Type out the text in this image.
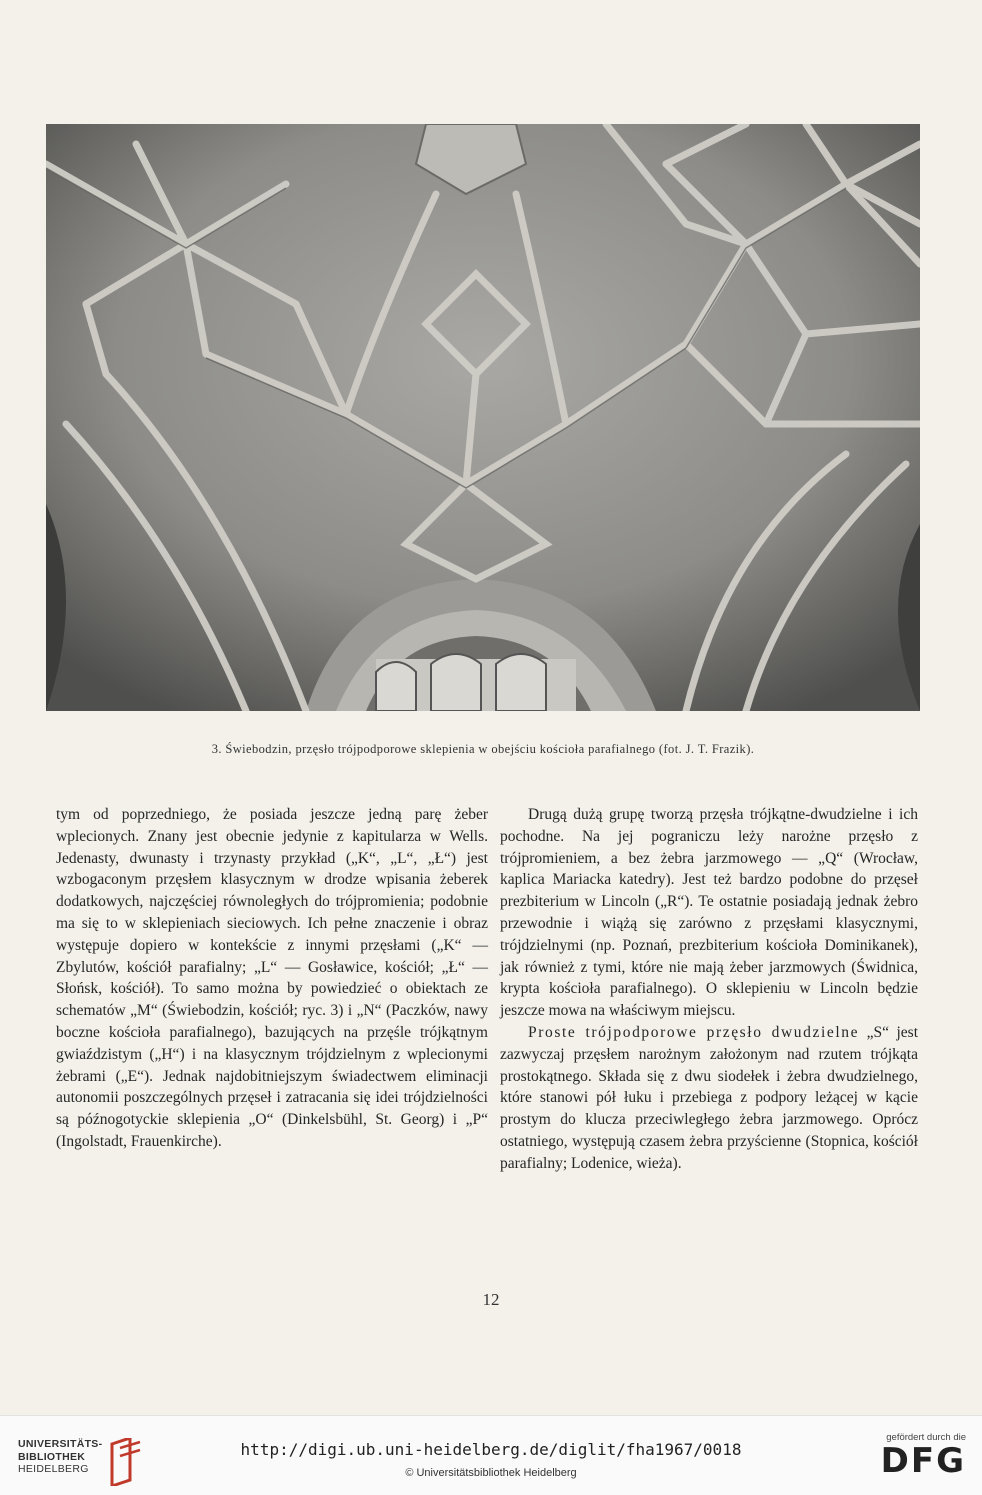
3. Świebodzin, przęsło trójpodporowe sklepienia w obejściu kościoła parafialnego (fot. J. T. Frazik).

tym od poprzedniego, że posiada jeszcze jedną parę żeber wplecionych. Znany jest obecnie jedynie z kapitularza w Wells. Jedenasty, dwunasty i trzynasty przykład („K“, „L“, „Ł“) jest wzbogaconym przęsłem klasycznym w drodze wpisania żeberek dodatkowych, najczęściej równoległych do trójpromienia; podobnie ma się to w sklepieniach sieciowych. Ich pełne znaczenie i obraz występuje dopiero w kontekście z innymi przęsłami („K“ — Zbylutów, kościół parafialny; „L“ — Gosławice, kościół; „Ł“ — Słońsk, kościół). To samo można by powiedzieć o obiektach ze schematów „M“ (Świebodzin, kościół; ryc. 3) i „N“ (Paczków, nawy boczne kościoła parafialnego), bazujących na przęśle trójkątnym gwiaździstym („H“) i na klasycznym trójdzielnym z wplecionymi żebrami („E“). Jednak najdobitniejszym świadectwem eliminacji autonomii poszczególnych przęseł i zatracania się idei trójdzielności są późnogotyckie sklepienia „O“ (Dinkelsbühl, St. Georg) i „P“ (Ingolstadt, Frauenkirche).

Drugą dużą grupę tworzą przęsła trójkątne-dwudzielne i ich pochodne. Na jej pograniczu leży narożne przęsło z trójpromieniem, a bez żebra jarzmowego — „Q“ (Wrocław, kaplica Mariacka katedry). Jest też bardzo podobne do przęseł prezbiterium w Lincoln („R“). Te ostatnie posiadają jednak żebro przewodnie i wiążą się zarówno z przęsłami klasycznymi, trójdzielnymi (np. Poznań, prezbiterium kościoła Dominikanek), jak również z tymi, które nie mają żeber jarzmowych (Świdnica, krypta kościoła parafialnego). O sklepieniu w Lincoln będzie jeszcze mowa na właściwym miejscu.

Proste trójpodporowe przęsło dwudzielne „S“ jest zazwyczaj przęsłem narożnym założonym nad rzutem trójkąta prostokątnego. Składa się z dwu siodełek i żebra dwudzielnego, które stanowi pół łuku i przebiega z podpory leżącej w kącie prostym do klucza przeciwległego żebra jarzmowego. Oprócz ostatniego, występują czasem żebra przyścienne (Stopnica, kościół parafialny; Lodenice, wieża).

12
UNIVERSITÄTS-
BIBLIOTHEK
HEIDELBERG
http://digi.ub.uni-heidelberg.de/diglit/fha1967/0018
© Universitätsbibliothek Heidelberg
gefördert durch die
DFG
